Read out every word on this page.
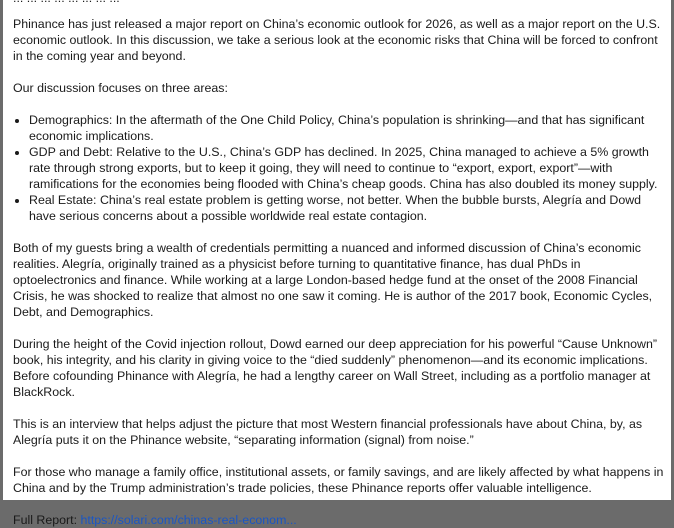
Phinance has just released a major report on China’s economic outlook for 2026, as well as a major report on the U.S. economic outlook. In this discussion, we take a serious look at the economic risks that China will be forced to confront in the coming year and beyond.

Our discussion focuses on three areas:

• Demographics: In the aftermath of the One Child Policy, China’s population is shrinking—and that has significant economic implications.
• GDP and Debt: Relative to the U.S., China’s GDP has declined. In 2025, China managed to achieve a 5% growth rate through strong exports, but to keep it going, they will need to continue to “export, export, export”—with ramifications for the economies being flooded with China’s cheap goods. China has also doubled its money supply.
• Real Estate: China’s real estate problem is getting worse, not better. When the bubble bursts, Alegría and Dowd have serious concerns about a possible worldwide real estate contagion.

Both of my guests bring a wealth of credentials permitting a nuanced and informed discussion of China’s economic realities. Alegría, originally trained as a physicist before turning to quantitative finance, has dual PhDs in optoelectronics and finance. While working at a large London-based hedge fund at the onset of the 2008 Financial Crisis, he was shocked to realize that almost no one saw it coming. He is author of the 2017 book, Economic Cycles, Debt, and Demographics.

During the height of the Covid injection rollout, Dowd earned our deep appreciation for his powerful “Cause Unknown” book, his integrity, and his clarity in giving voice to the “died suddenly” phenomenon—and its economic implications. Before cofounding Phinance with Alegría, he had a lengthy career on Wall Street, including as a portfolio manager at BlackRock.

This is an interview that helps adjust the picture that most Western financial professionals have about China, by, as Alegría puts it on the Phinance website, “separating information (signal) from noise.”

For those who manage a family office, institutional assets, or family savings, and are likely affected by what happens in China and by the Trump administration’s trade policies, these Phinance reports offer valuable intelligence.

Full Report: https://solari.com/chinas-real-econom...
